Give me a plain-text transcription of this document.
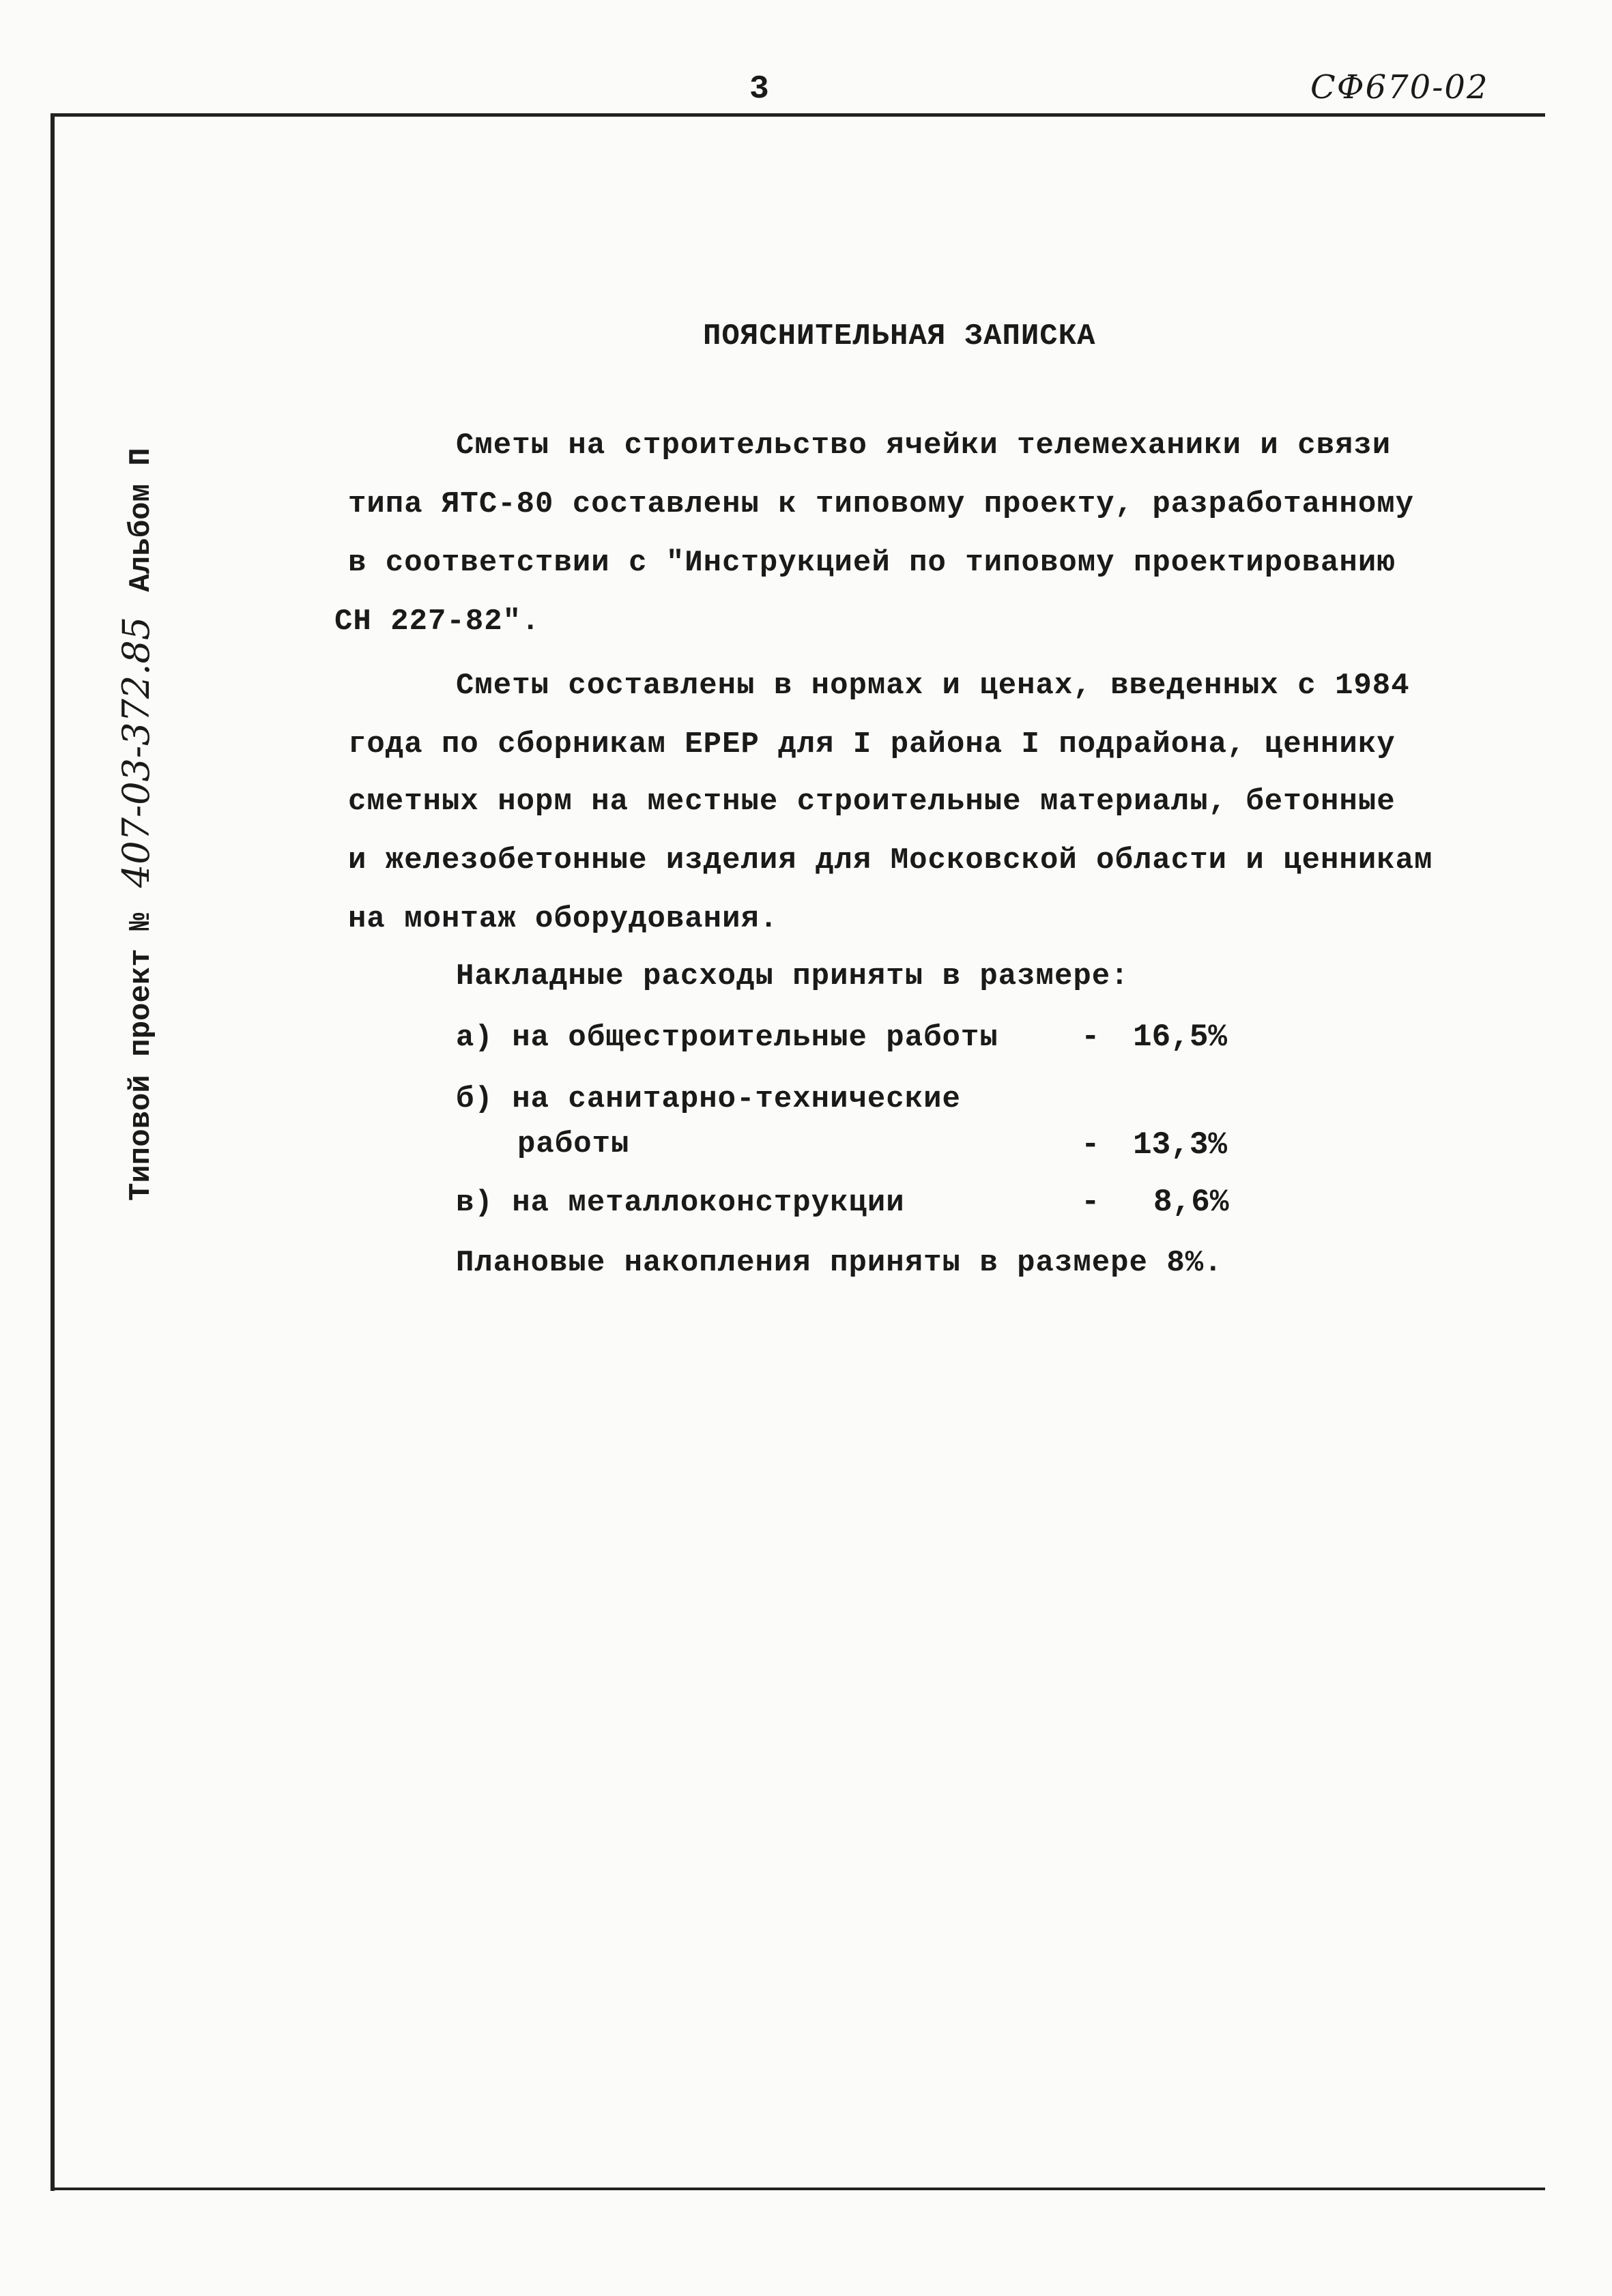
3	СФ670-02
Типовой проект № 407-03-372.85 Альбом П
ПОЯСНИТЕЛЬНАЯ ЗАПИСКА
Сметы на строительство ячейки телемеханики и связи
типа ЯТС-80 составлены к типовому проекту, разработанному
в соответствии с "Инструкцией по типовому проектированию
СН 227-82".
Сметы составлены в нормах и ценах, введенных с 1984
года по сборникам ЕРЕР для I района I подрайона, ценнику
сметных норм на местные строительные материалы, бетонные
и железобетонные изделия для Московской области и ценникам
на монтаж оборудования.
Накладные расходы приняты в размере:
а) на общестроительные работы	- 16,5%
б) на санитарно-технические
работы	- 13,3%
в) на металлоконструкции	- 8,6%
Плановые накопления приняты в размере 8%.
